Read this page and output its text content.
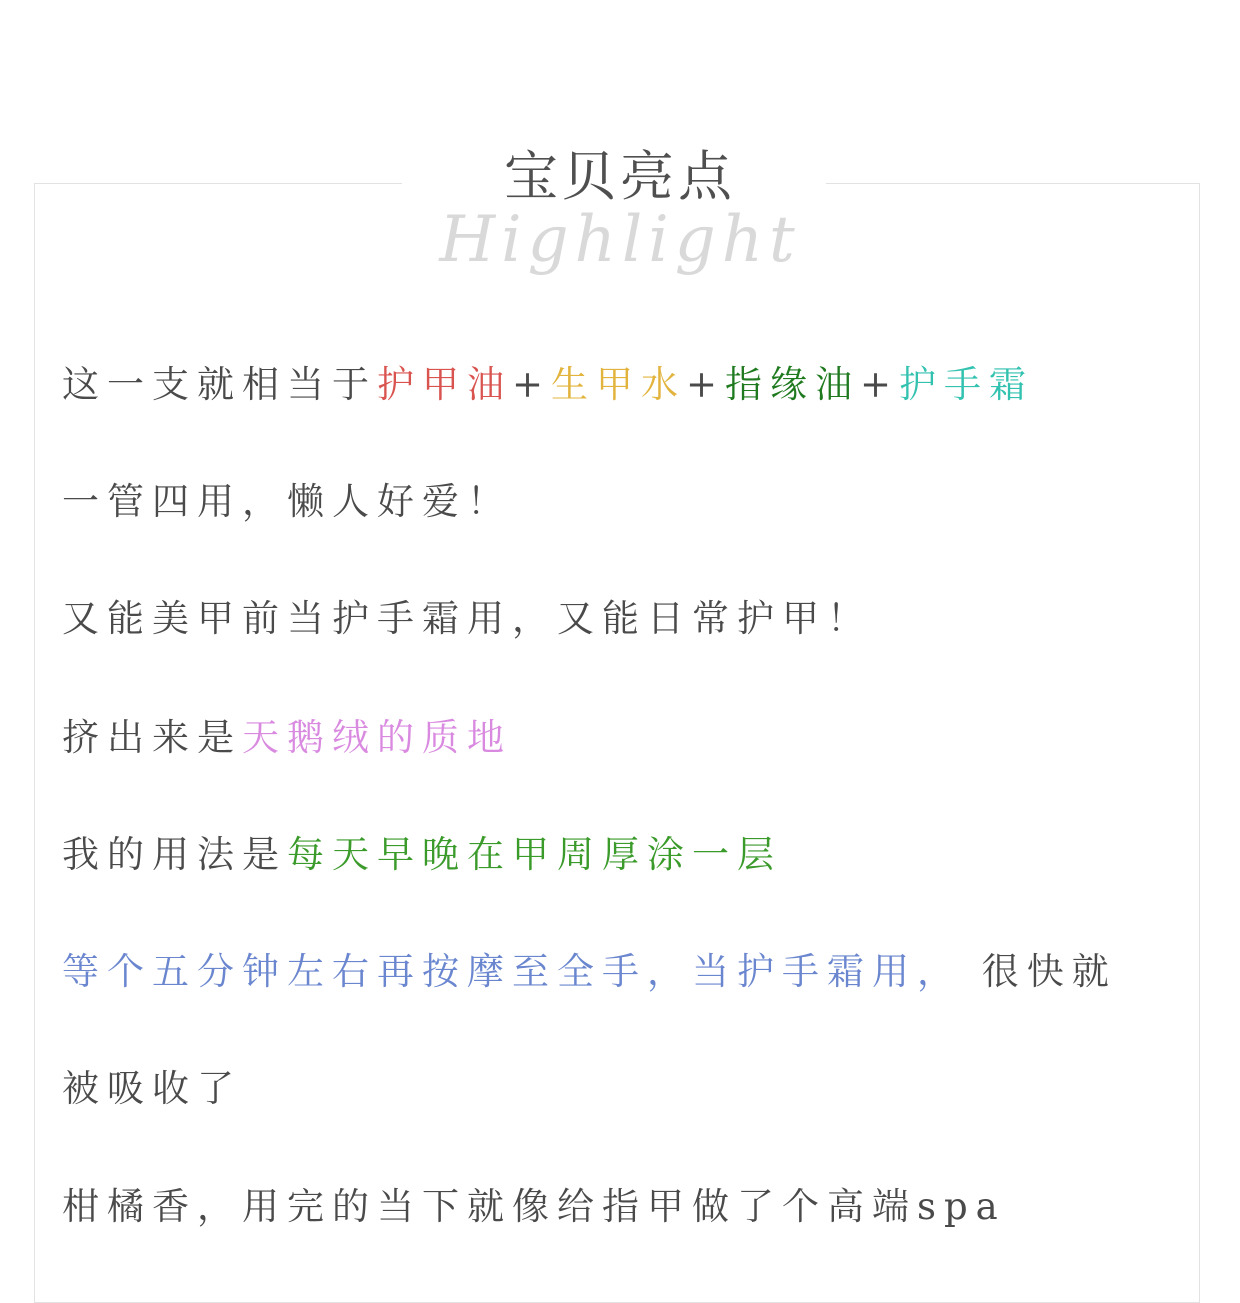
宝贝亮点
Highlight
这一支就相当于护甲油+生甲水+指缘油+护手霜
一管四用，懒人好爱！
又能美甲前当护手霜用，又能日常护甲！
挤出来是天鹅绒的质地
我的用法是每天早晚在甲周厚涂一层
等个五分钟左右再按摩至全手，当护手霜用， 很快就
被吸收了
柑橘香，用完的当下就像给指甲做了个高端spa
